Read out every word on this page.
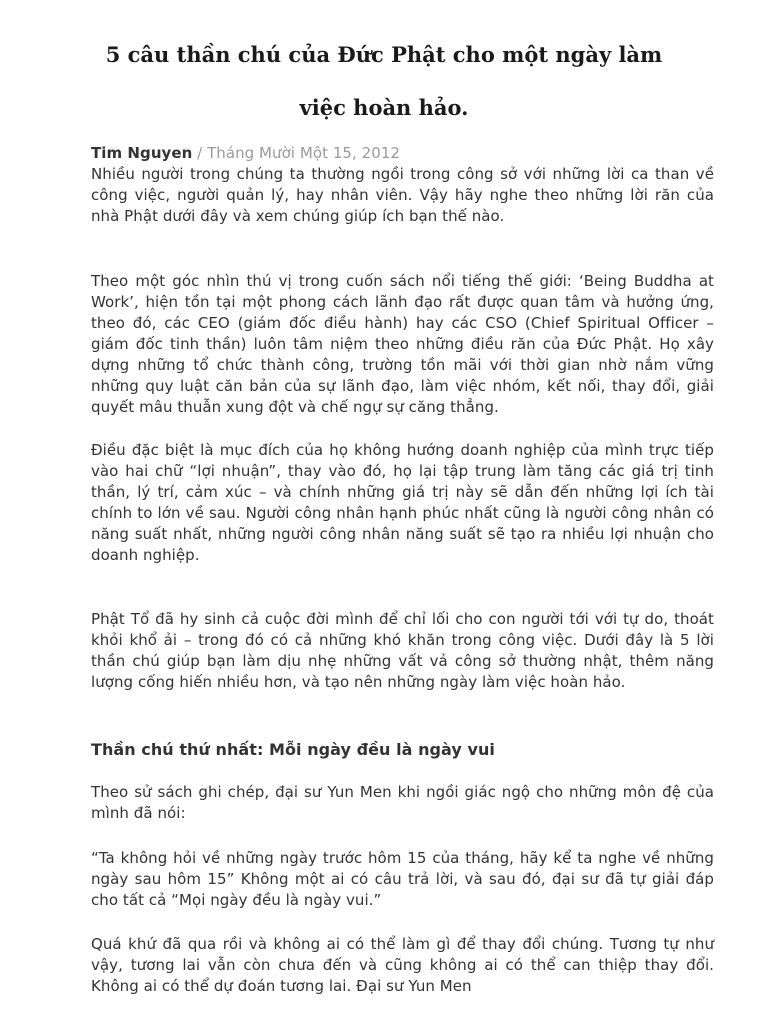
5 câu thần chú của Đức Phật cho một ngày làm
việc hoàn hảo.
Tim Nguyen / Tháng Mười Một 15, 2012

Nhiều người trong chúng ta thường ngồi trong công sở với những lời ca than về công việc, người quản lý, hay nhân viên. Vậy hãy nghe theo những lời răn của nhà Phật dưới đây và xem chúng giúp ích bạn thế nào.

Theo một góc nhìn thú vị trong cuốn sách nổi tiếng thế giới: ‘Being Buddha at Work’, hiện tồn tại một phong cách lãnh đạo rất được quan tâm và hưởng ứng, theo đó, các CEO (giám đốc điều hành) hay các CSO (Chief Spiritual Officer – giám đốc tinh thần) luôn tâm niệm theo những điều răn của Đức Phật. Họ xây dựng những tổ chức thành công, trường tồn mãi với thời gian nhờ nắm vững những quy luật căn bản của sự lãnh đạo, làm việc nhóm, kết nối, thay đổi, giải quyết mâu thuẫn xung đột và chế ngự sự căng thẳng.

Điều đặc biệt là mục đích của họ không hướng doanh nghiệp của mình trực tiếp vào hai chữ “lợi nhuận”, thay vào đó, họ lại tập trung làm tăng các giá trị tinh thần, lý trí, cảm xúc – và chính những giá trị này sẽ dẫn đến những lợi ích tài chính to lớn về sau. Người công nhân hạnh phúc nhất cũng là người công nhân có năng suất nhất, những người công nhân năng suất sẽ tạo ra nhiều lợi nhuận cho doanh nghiệp.

Phật Tổ đã hy sinh cả cuộc đời mình để chỉ lối cho con người tới với tự do, thoát khỏi khổ ải – trong đó có cả những khó khăn trong công việc. Dưới đây là 5 lời thần chú giúp bạn làm dịu nhẹ những vất vả công sở thường nhật, thêm năng lượng cống hiến nhiều hơn, và tạo nên những ngày làm việc hoàn hảo.

Thần chú thứ nhất: Mỗi ngày đều là ngày vui

Theo sử sách ghi chép, đại sư Yun Men khi ngồi giác ngộ cho những môn đệ của mình đã nói:

“Ta không hỏi về những ngày trước hôm 15 của tháng, hãy kể ta nghe về những ngày sau hôm 15” Không một ai có câu trả lời, và sau đó, đại sư đã tự giải đáp cho tất cả “Mọi ngày đều là ngày vui.”

Quá khứ đã qua rồi và không ai có thể làm gì để thay đổi chúng. Tương tự như vậy, tương lai vẫn còn chưa đến và cũng không ai có thể can thiệp thay đổi. Không ai có thể dự đoán tương lai. Đại sư Yun Men
